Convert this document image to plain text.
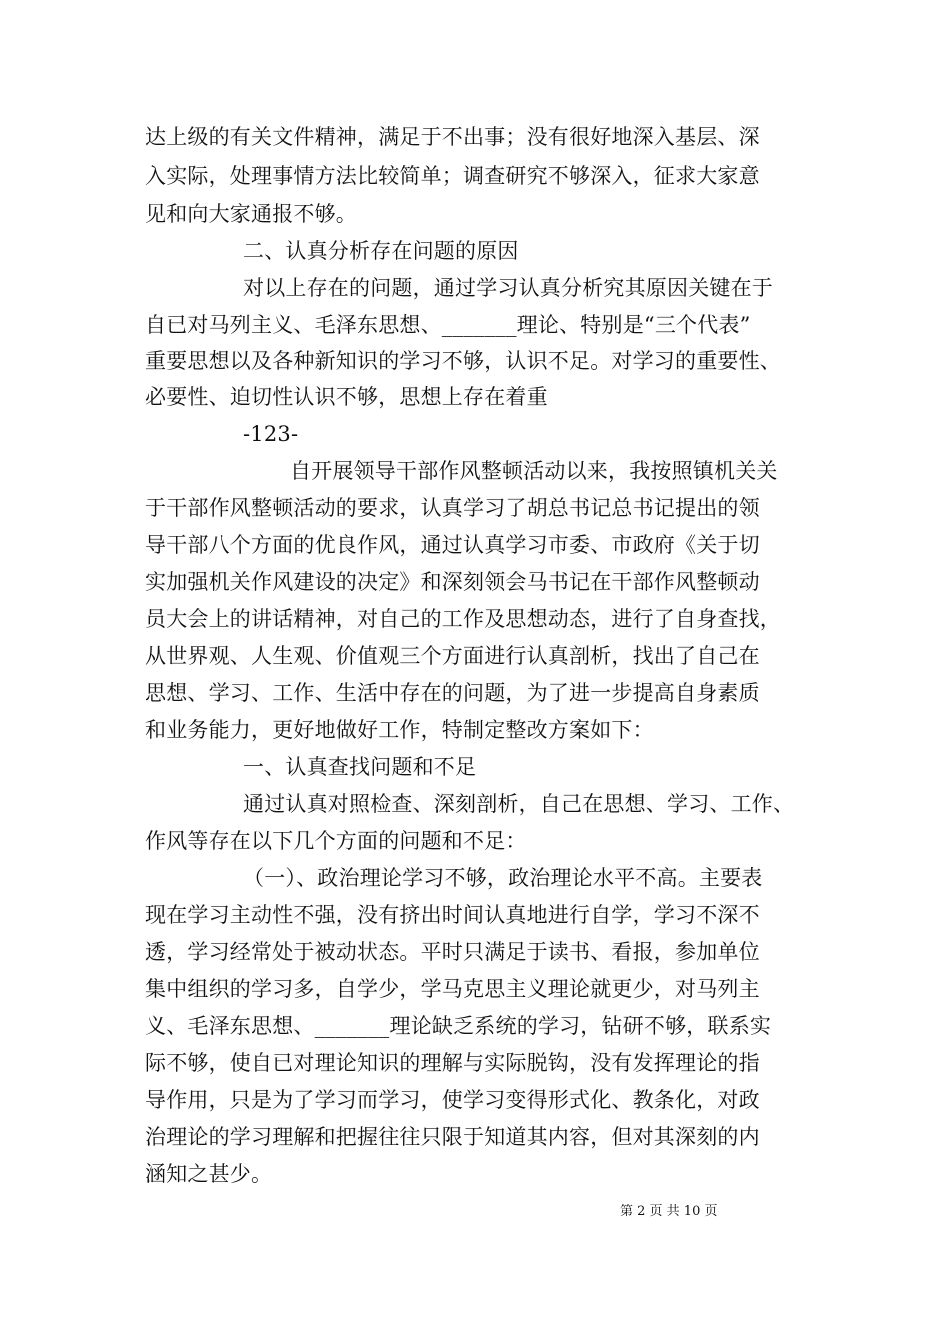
达上级的有关文件精神，满足于不出事；没有很好地深入基层、深
入实际，处理事情方法比较简单；调查研究不够深入，征求大家意
见和向大家通报不够。
二、认真分析存在问题的原因
对以上存在的问题，通过学习认真分析究其原因关键在于
自已对马列主义、毛泽东思想、_______理论、特别是“三个代表”
重要思想以及各种新知识的学习不够，认识不足。对学习的重要性、
必要性、迫切性认识不够，思想上存在着重
-123-
自开展领导干部作风整顿活动以来，我按照镇机关关
于干部作风整顿活动的要求，认真学习了胡总书记总书记提出的领
导干部八个方面的优良作风，通过认真学习市委、市政府《关于切
实加强机关作风建设的决定》和深刻领会马书记在干部作风整顿动
员大会上的讲话精神，对自己的工作及思想动态，进行了自身查找，
从世界观、人生观、价值观三个方面进行认真剖析，找出了自己在
思想、学习、工作、生活中存在的问题，为了进一步提高自身素质
和业务能力，更好地做好工作，特制定整改方案如下：
一、认真查找问题和不足
通过认真对照检查、深刻剖析，自己在思想、学习、工作、
作风等存在以下几个方面的问题和不足：
（一）、政治理论学习不够，政治理论水平不高。主要表
现在学习主动性不强，没有挤出时间认真地进行自学，学习不深不
透，学习经常处于被动状态。平时只满足于读书、看报，参加单位
集中组织的学习多，自学少，学马克思主义理论就更少，对马列主
义、毛泽东思想、_______理论缺乏系统的学习，钻研不够，联系实
际不够，使自已对理论知识的理解与实际脱钩，没有发挥理论的指
导作用，只是为了学习而学习，使学习变得形式化、教条化，对政
治理论的学习理解和把握往往只限于知道其内容，但对其深刻的内
涵知之甚少。
第 2 页 共 10 页
